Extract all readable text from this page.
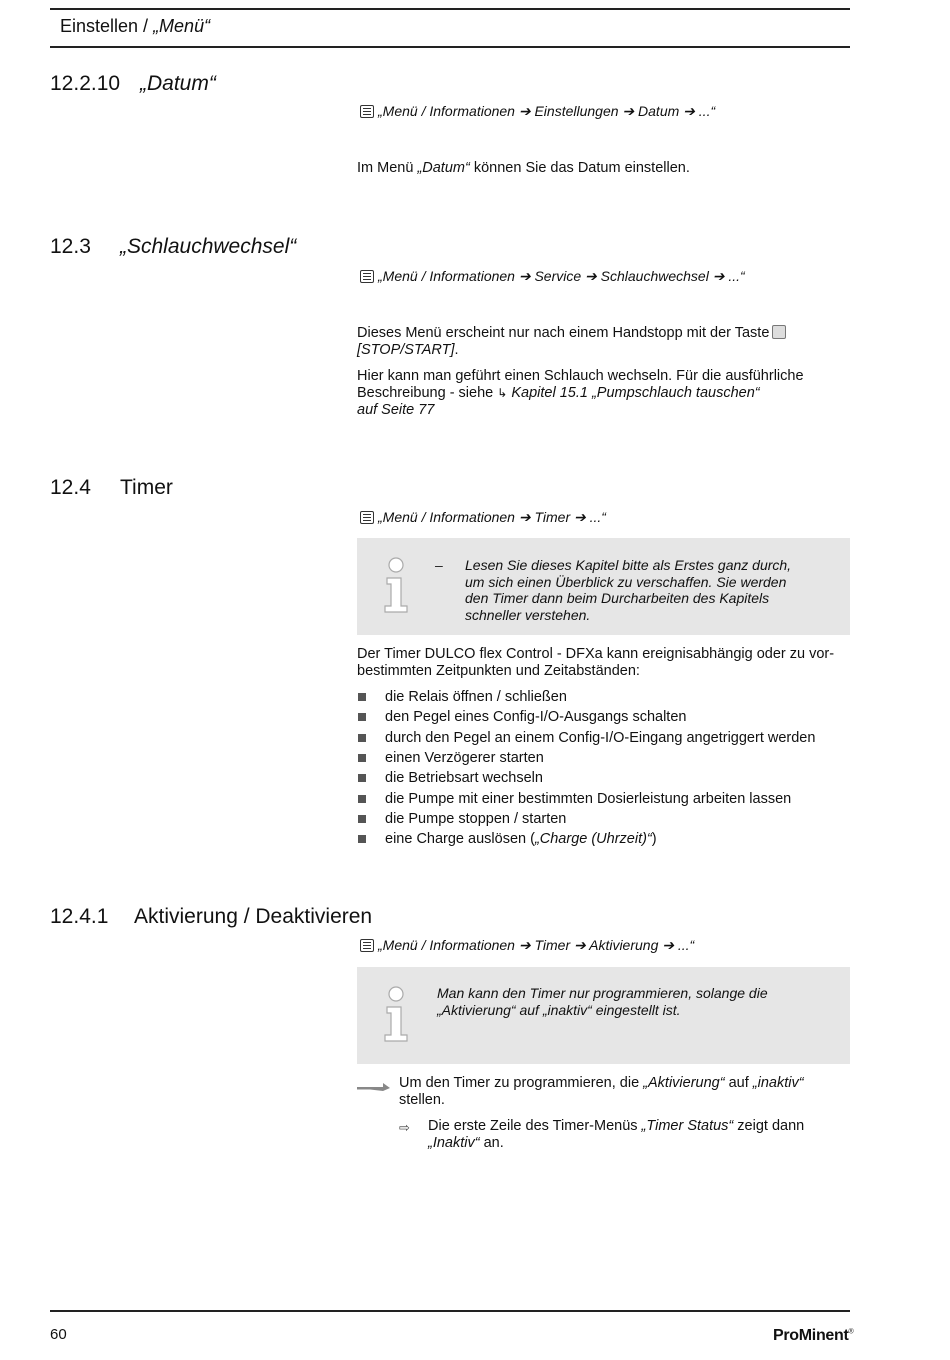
Einstellen / „Menü“
12.2.10 „Datum“
„Menü / Informationen ➔ Einstellungen ➔ Datum ➔ ...“
Im Menü „Datum“ können Sie das Datum einstellen.
12.3 „Schlauchwechsel“
„Menü / Informationen ➔ Service ➔ Schlauchwechsel ➔ ...“
Dieses Menü erscheint nur nach einem Handstopp mit der Taste
[STOP/START].
Hier kann man geführt einen Schlauch wechseln. Für die ausführliche
Beschreibung - siehe ↳ Kapitel 15.1 „Pumpschlauch tauschen“
auf Seite 77
12.4 Timer
„Menü / Informationen ➔ Timer ➔ ...“
– Lesen Sie dieses Kapitel bitte als Erstes ganz durch,
um sich einen Überblick zu verschaffen. Sie werden
den Timer dann beim Durcharbeiten des Kapitels
schneller verstehen.
Der Timer DULCO flex Control - DFXa kann ereignisabhängig oder zu vor-
bestimmten Zeitpunkten und Zeitabständen:
die Relais öffnen / schließen
den Pegel eines Config-I/O-Ausgangs schalten
durch den Pegel an einem Config-I/O-Eingang angetriggert werden
einen Verzögerer starten
die Betriebsart wechseln
die Pumpe mit einer bestimmten Dosierleistung arbeiten lassen
die Pumpe stoppen / starten
eine Charge auslösen ( „Charge (Uhrzeit)“ )
12.4.1 Aktivierung / Deaktivieren
„Menü / Informationen ➔ Timer ➔ Aktivierung ➔ ...“
Man kann den Timer nur programmieren, solange die
„Aktivierung“ auf „inaktiv“ eingestellt ist.
Um den Timer zu programmieren, die „Aktivierung“ auf „inaktiv“
stellen.
⇨ Die erste Zeile des Timer-Menüs „Timer Status“ zeigt dann
„Inaktiv“ an.
60	ProMinent®
